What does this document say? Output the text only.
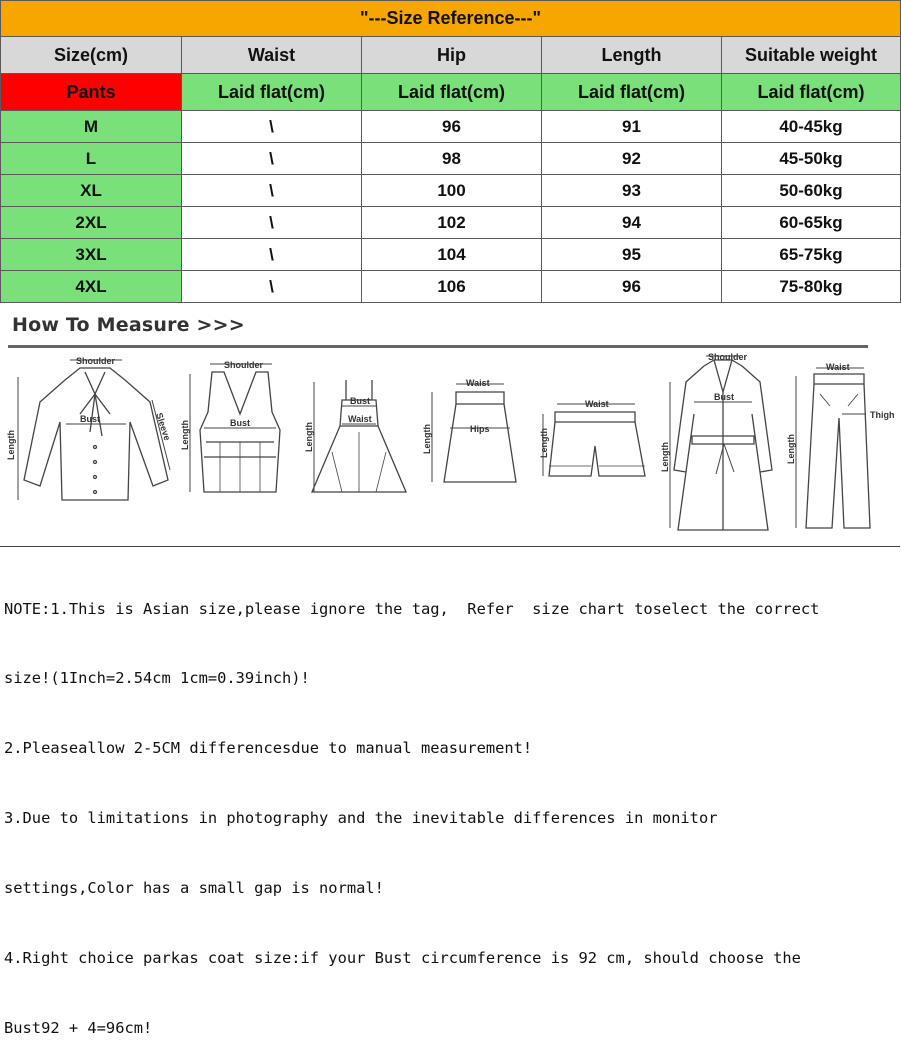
"---Size Reference---"				
Size(cm)	Waist	Hip	Length	Suitable weight
Pants	Laid flat(cm)	Laid flat(cm)	Laid flat(cm)	Laid flat(cm)
M	\	96	91	40-45kg
L	\	98	92	45-50kg
XL	\	100	93	50-60kg
2XL	\	102	94	60-65kg
3XL	\	104	95	65-75kg
4XL	\	106	96	75-80kg
How To Measure >>>
Shoulder
Bust	Sleeve
Length
Shoulder
Bust
Length
Bust
Waist
Length
Waist
Hips
Length
Waist
Length
Shoulder
Bust
Length
Waist
Thigh
Length

NOTE:1.This is Asian size,please ignore the tag,  Refer  size chart toselect the correct

size!(1Inch=2.54cm 1cm=0.39inch)!

2.Pleaseallow 2-5CM differencesdue to manual measurement!

3.Due to limitations in photography and the inevitable differences in monitor

settings,Color has a small gap is normal!

4.Right choice parkas coat size:if your Bust circumference is 92 cm, should choose the

Bust92 + 4=96cm!
